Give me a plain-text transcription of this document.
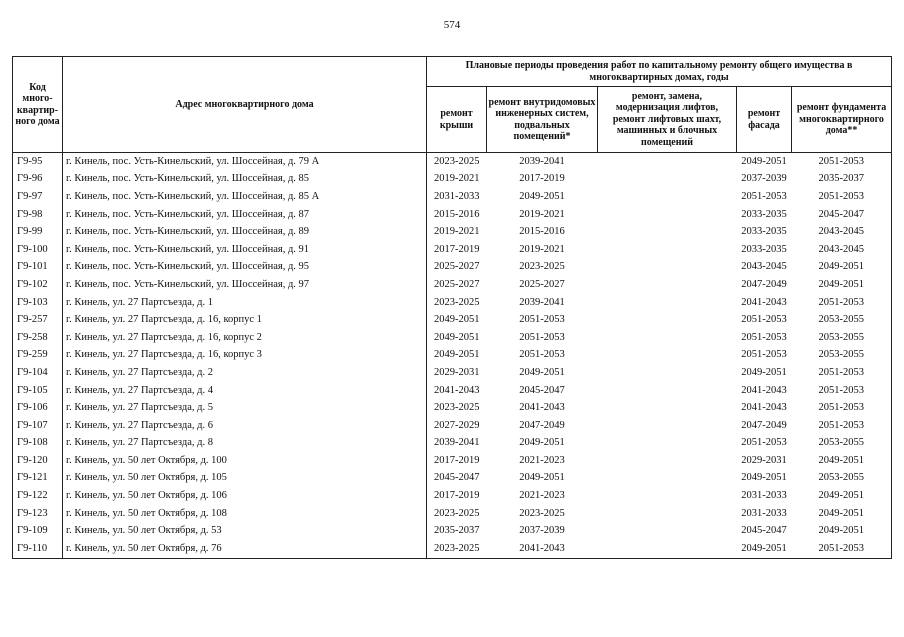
574
Код много-квартир-ного дома	Адрес многоквартирного дома	Плановые периоды проведения работ по капитальному ремонту общего имущества в многоквартирных домах, годы				
		ремонт крыши	ремонт внутридомовых инженерных систем, подвальных помещений*	ремонт, замена, модернизация лифтов, ремонт лифтовых шахт, машинных и блочных помещений	ремонт фасада	ремонт фундамента многоквартирного дома**
Г9-95	г. Кинель, пос. Усть-Кинельский, ул. Шоссейная, д. 79 А	2023-2025	2039-2041		2049-2051	2051-2053
Г9-96	г. Кинель, пос. Усть-Кинельский, ул. Шоссейная, д. 85	2019-2021	2017-2019		2037-2039	2035-2037
Г9-97	г. Кинель, пос. Усть-Кинельский, ул. Шоссейная, д. 85 А	2031-2033	2049-2051		2051-2053	2051-2053
Г9-98	г. Кинель, пос. Усть-Кинельский, ул. Шоссейная, д. 87	2015-2016	2019-2021		2033-2035	2045-2047
Г9-99	г. Кинель, пос. Усть-Кинельский, ул. Шоссейная, д. 89	2019-2021	2015-2016		2033-2035	2043-2045
Г9-100	г. Кинель, пос. Усть-Кинельский, ул. Шоссейная, д. 91	2017-2019	2019-2021		2033-2035	2043-2045
Г9-101	г. Кинель, пос. Усть-Кинельский, ул. Шоссейная, д. 95	2025-2027	2023-2025		2043-2045	2049-2051
Г9-102	г. Кинель, пос. Усть-Кинельский, ул. Шоссейная, д. 97	2025-2027	2025-2027		2047-2049	2049-2051
Г9-103	г. Кинель, ул. 27 Партсъезда, д. 1	2023-2025	2039-2041		2041-2043	2051-2053
Г9-257	г. Кинель, ул. 27 Партсъезда, д. 16, корпус 1	2049-2051	2051-2053		2051-2053	2053-2055
Г9-258	г. Кинель, ул. 27 Партсъезда, д. 16, корпус 2	2049-2051	2051-2053		2051-2053	2053-2055
Г9-259	г. Кинель, ул. 27 Партсъезда, д. 16, корпус 3	2049-2051	2051-2053		2051-2053	2053-2055
Г9-104	г. Кинель, ул. 27 Партсъезда, д. 2	2029-2031	2049-2051		2049-2051	2051-2053
Г9-105	г. Кинель, ул. 27 Партсъезда, д. 4	2041-2043	2045-2047		2041-2043	2051-2053
Г9-106	г. Кинель, ул. 27 Партсъезда, д. 5	2023-2025	2041-2043		2041-2043	2051-2053
Г9-107	г. Кинель, ул. 27 Партсъезда, д. 6	2027-2029	2047-2049		2047-2049	2051-2053
Г9-108	г. Кинель, ул. 27 Партсъезда, д. 8	2039-2041	2049-2051		2051-2053	2053-2055
Г9-120	г. Кинель, ул. 50 лет Октября, д. 100	2017-2019	2021-2023		2029-2031	2049-2051
Г9-121	г. Кинель, ул. 50 лет Октября, д. 105	2045-2047	2049-2051		2049-2051	2053-2055
Г9-122	г. Кинель, ул. 50 лет Октября, д. 106	2017-2019	2021-2023		2031-2033	2049-2051
Г9-123	г. Кинель, ул. 50 лет Октября, д. 108	2023-2025	2023-2025		2031-2033	2049-2051
Г9-109	г. Кинель, ул. 50 лет Октября, д. 53	2035-2037	2037-2039		2045-2047	2049-2051
Г9-110	г. Кинель, ул. 50 лет Октября, д. 76	2023-2025	2041-2043		2049-2051	2051-2053
